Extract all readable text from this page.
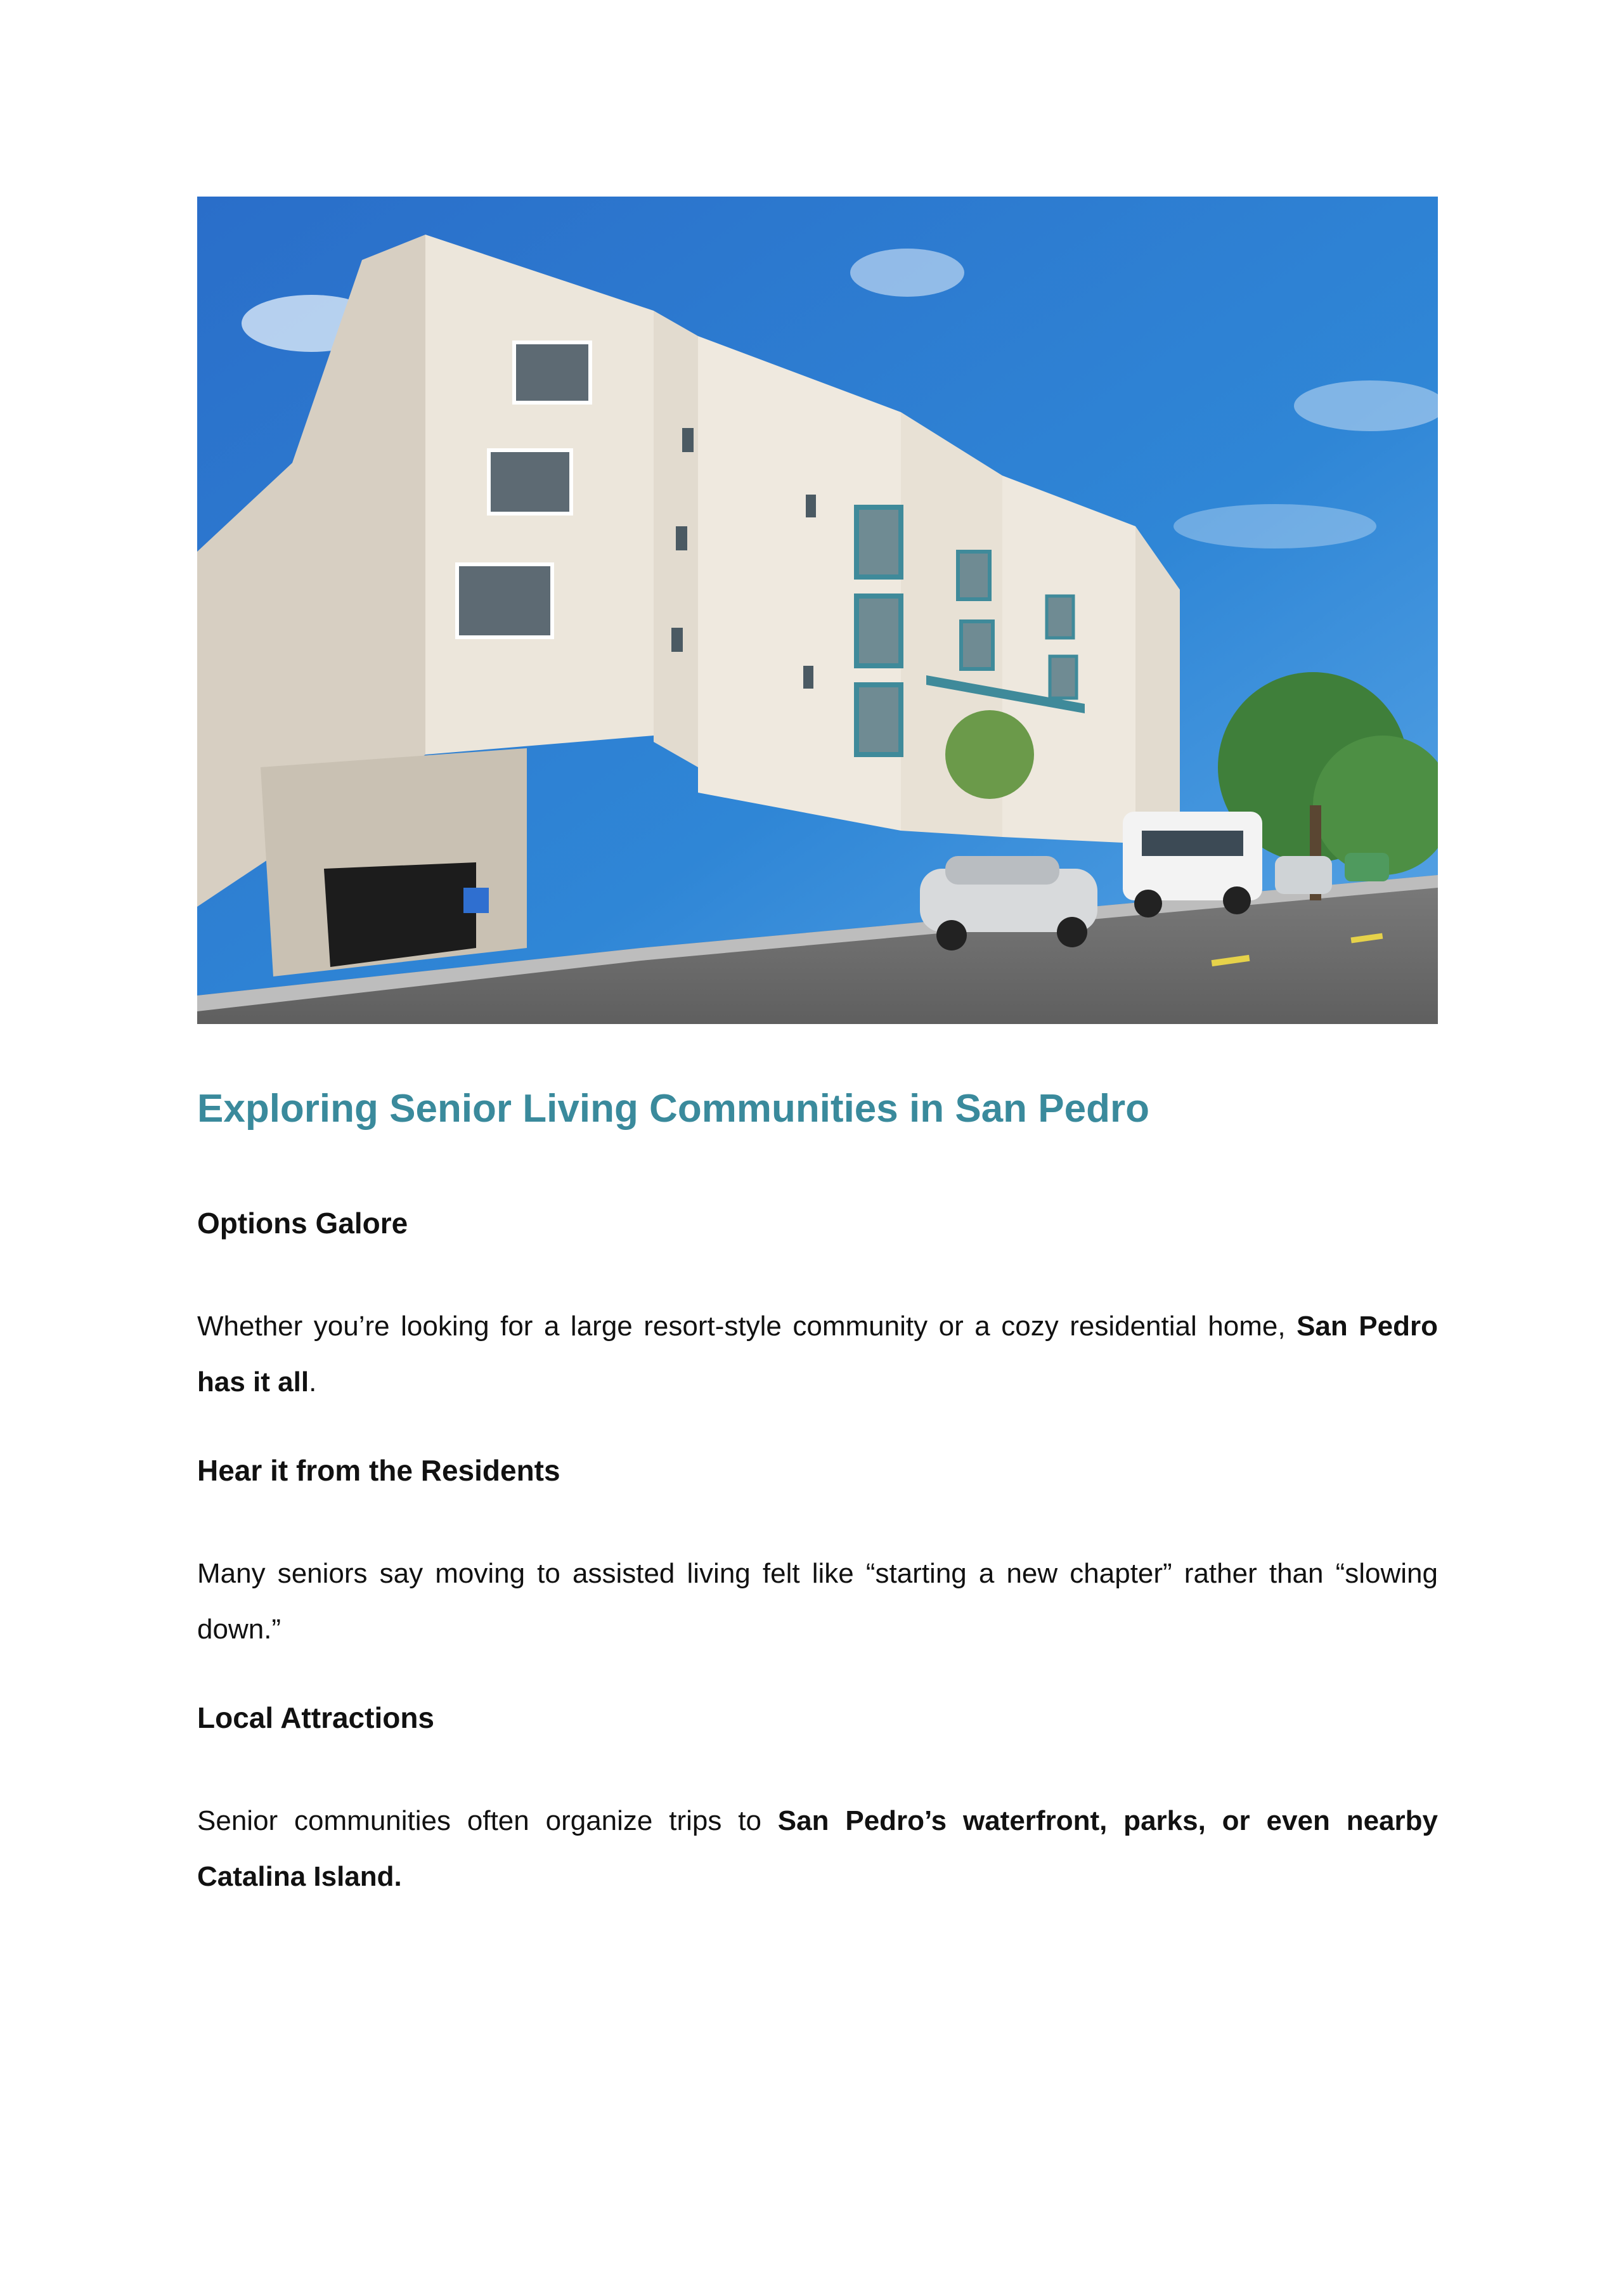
Exploring Senior Living Communities in San Pedro
Options Galore

Whether you’re looking for a large resort-style community or a cozy residential home, San Pedro has it all.

Hear it from the Residents

Many seniors say moving to assisted living felt like “starting a new chapter” rather than “slowing down.”

Local Attractions

Senior communities often organize trips to San Pedro’s waterfront, parks, or even nearby Catalina Island.
